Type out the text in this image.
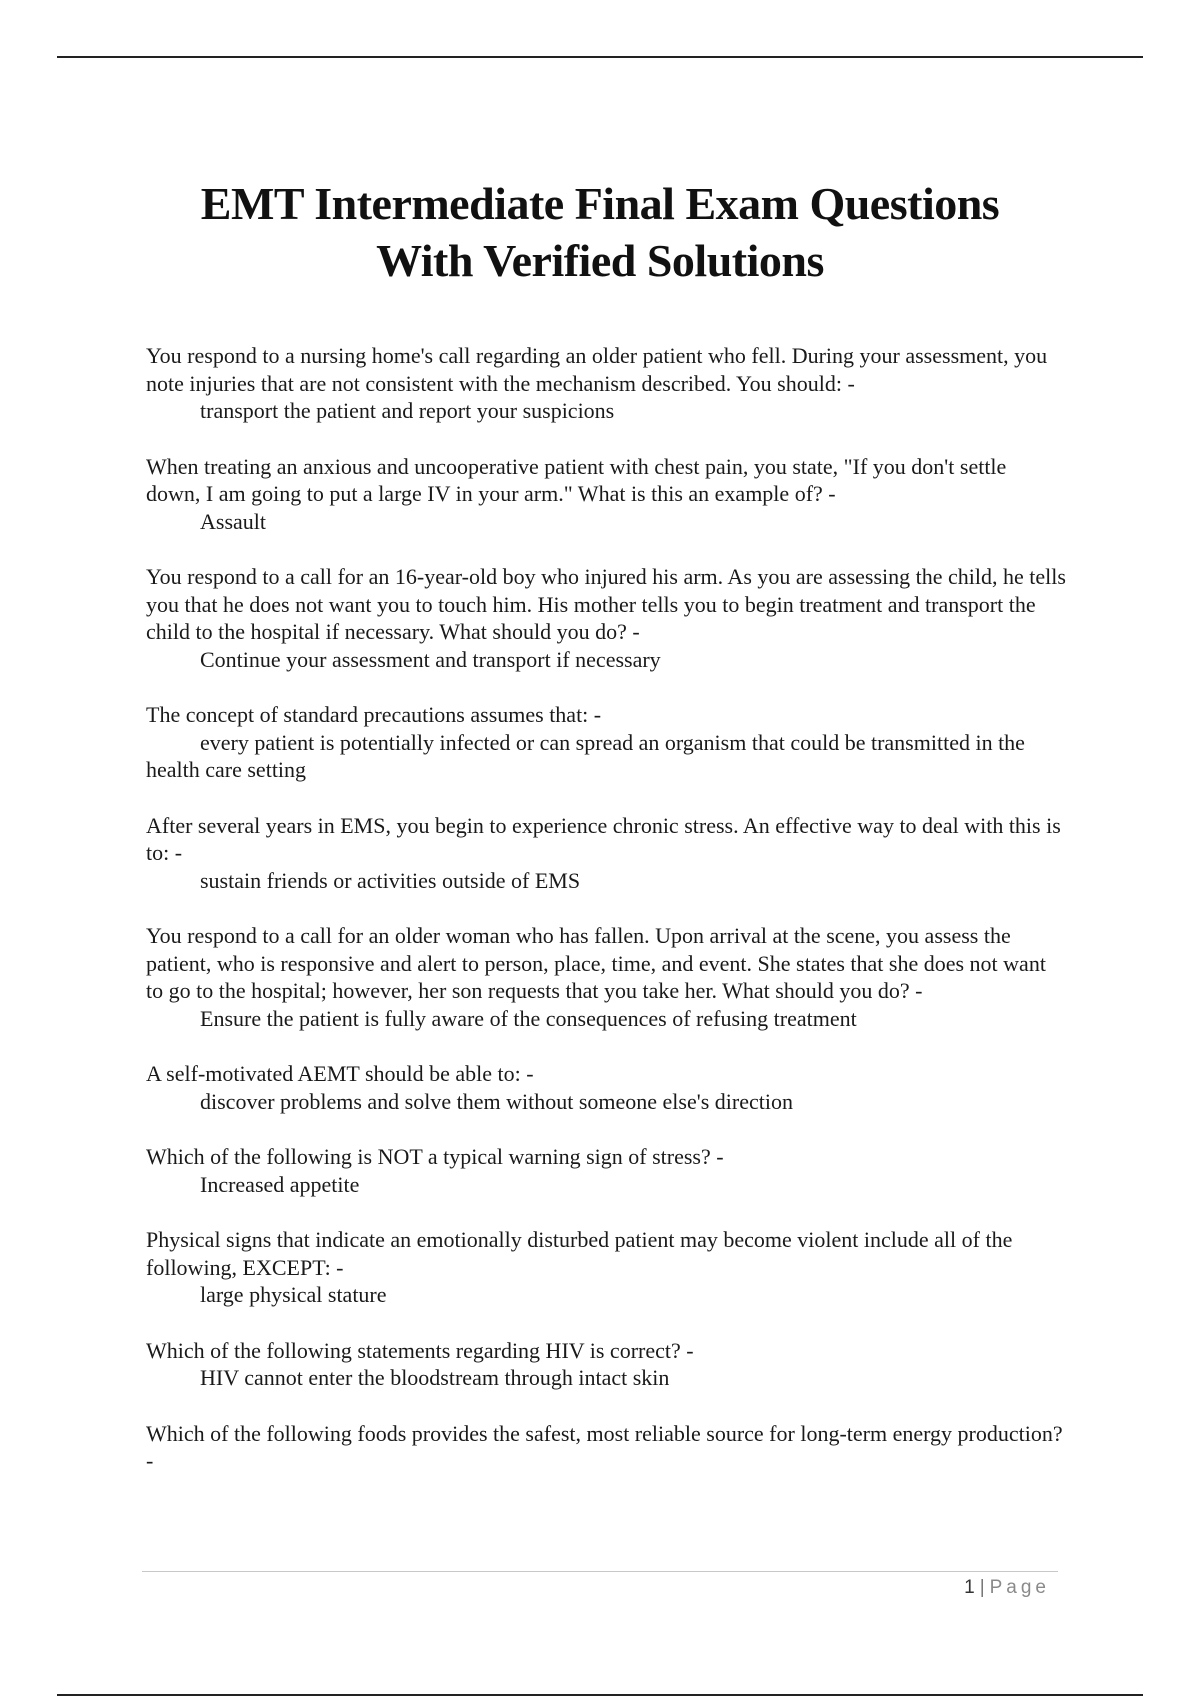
EMT Intermediate Final Exam Questions
With Verified Solutions

You respond to a nursing home's call regarding an older patient who fell. During your assessment, you note injuries that are not consistent with the mechanism described. You should: -

transport the patient and report your suspicions

When treating an anxious and uncooperative patient with chest pain, you state, "If you don't settle down, I am going to put a large IV in your arm." What is this an example of? -

Assault

You respond to a call for an 16-year-old boy who injured his arm. As you are assessing the child, he tells you that he does not want you to touch him. His mother tells you to begin treatment and transport the child to the hospital if necessary. What should you do? -

Continue your assessment and transport if necessary

The concept of standard precautions assumes that: -

every patient is potentially infected or can spread an organism that could be transmitted in the health care setting

After several years in EMS, you begin to experience chronic stress. An effective way to deal with this is to: -

sustain friends or activities outside of EMS

You respond to a call for an older woman who has fallen. Upon arrival at the scene, you assess the patient, who is responsive and alert to person, place, time, and event. She states that she does not want to go to the hospital; however, her son requests that you take her. What should you do? -

Ensure the patient is fully aware of the consequences of refusing treatment

A self-motivated AEMT should be able to: -

discover problems and solve them without someone else's direction

Which of the following is NOT a typical warning sign of stress? -

Increased appetite

Physical signs that indicate an emotionally disturbed patient may become violent include all of the following, EXCEPT: -

large physical stature

Which of the following statements regarding HIV is correct? -

HIV cannot enter the bloodstream through intact skin

Which of the following foods provides the safest, most reliable source for long-term energy production? -

1 | Page
